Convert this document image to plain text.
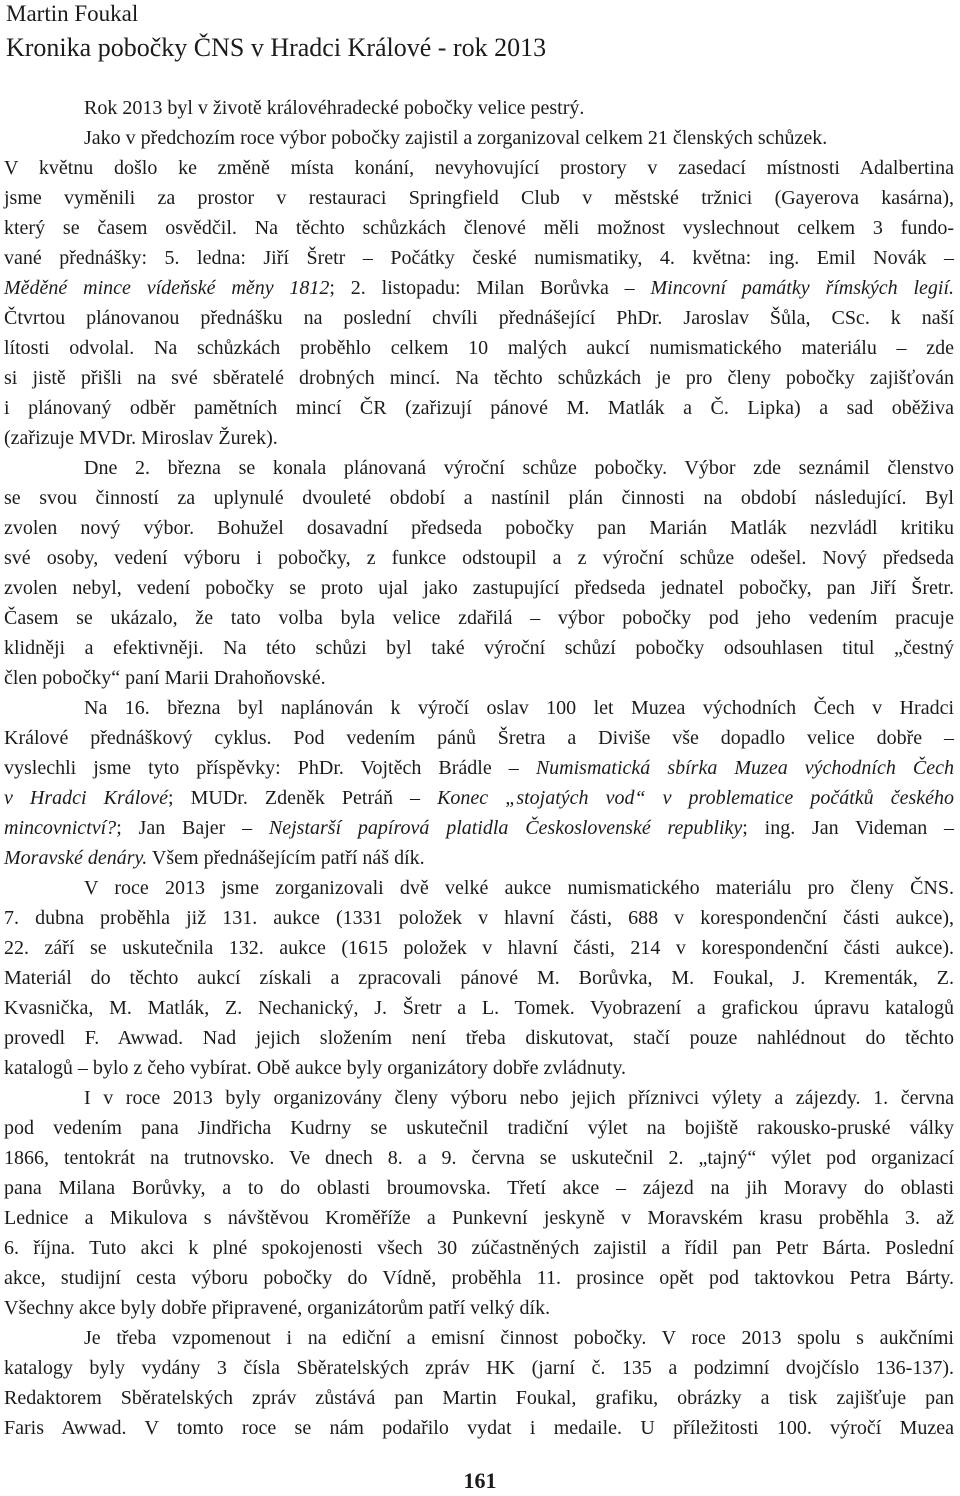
Martin Foukal
Kronika pobočky ČNS v Hradci Králové - rok 2013
Rok 2013 byl v životě královéhradecké pobočky velice pestrý.
Jako v předchozím roce výbor pobočky zajistil a zorganizoval celkem 21 členských schůzek.
V květnu došlo ke změně místa konání, nevyhovující prostory v zasedací místnosti Adalbertina
jsme vyměnili za prostor v restauraci Springfield Club v městské tržnici (Gayerova kasárna),
který se časem osvědčil. Na těchto schůzkách členové měli možnost vyslechnout celkem 3 fundo-
vané přednášky: 5. ledna: Jiří Šretr – Počátky české numismatiky, 4. května: ing. Emil Novák –
Měděné mince vídeňské měny 1812; 2. listopadu: Milan Borůvka – Mincovní památky římských legií.
Čtvrtou plánovanou přednášku na poslední chvíli přednášející PhDr. Jaroslav Šůla, CSc. k naší
lítosti odvolal. Na schůzkách proběhlo celkem 10 malých aukcí numismatického materiálu – zde
si jistě přišli na své sběratelé drobných mincí. Na těchto schůzkách je pro členy pobočky zajišťován
i plánovaný odběr pamětních mincí ČR (zařizují pánové M. Matlák a Č. Lipka) a sad oběživa
(zařizuje MVDr. Miroslav Žurek).
Dne 2. března se konala plánovaná výroční schůze pobočky. Výbor zde seznámil členstvo
se svou činností za uplynulé dvouleté období a nastínil plán činnosti na období následující. Byl
zvolen nový výbor. Bohužel dosavadní předseda pobočky pan Marián Matlák nezvládl kritiku
své osoby, vedení výboru i pobočky, z funkce odstoupil a z výroční schůze odešel. Nový předseda
zvolen nebyl, vedení pobočky se proto ujal jako zastupující předseda jednatel pobočky, pan Jiří Šretr.
Časem se ukázalo, že tato volba byla velice zdařilá – výbor pobočky pod jeho vedením pracuje
klidněji a efektivněji. Na této schůzi byl také výroční schůzí pobočky odsouhlasen titul „čestný
člen pobočky“ paní Marii Drahoňovské.
Na 16. března byl naplánován k výročí oslav 100 let Muzea východních Čech v Hradci
Králové přednáškový cyklus. Pod vedením pánů Šretra a Diviše vše dopadlo velice dobře –
vyslechli jsme tyto příspěvky: PhDr. Vojtěch Brádle – Numismatická sbírka Muzea východních Čech
v Hradci Králové; MUDr. Zdeněk Petráň – Konec „stojatých vod“ v problematice počátků českého
mincovnictví?; Jan Bajer – Nejstarší papírová platidla Československé republiky; ing. Jan Videman –
Moravské denáry. Všem přednášejícím patří náš dík.
V roce 2013 jsme zorganizovali dvě velké aukce numismatického materiálu pro členy ČNS.
7. dubna proběhla již 131. aukce (1331 položek v hlavní části, 688 v korespondenční části aukce),
22. září se uskutečnila 132. aukce (1615 položek v hlavní části, 214 v korespondenční části aukce).
Materiál do těchto aukcí získali a zpracovali pánové M. Borůvka, M. Foukal, J. Krementák, Z.
Kvasnička, M. Matlák, Z. Nechanický, J. Šretr a L. Tomek. Vyobrazení a grafickou úpravu katalogů
provedl F. Awwad. Nad jejich složením není třeba diskutovat, stačí pouze nahlédnout do těchto
katalogů – bylo z čeho vybírat. Obě aukce byly organizátory dobře zvládnuty.
I v roce 2013 byly organizovány členy výboru nebo jejich příznivci výlety a zájezdy. 1. června
pod vedením pana Jindřicha Kudrny se uskutečnil tradiční výlet na bojiště rakousko-pruské války
1866, tentokrát na trutnovsko. Ve dnech 8. a 9. června se uskutečnil 2. „tajný“ výlet pod organizací
pana Milana Borůvky, a to do oblasti broumovska. Třetí akce – zájezd na jih Moravy do oblasti
Lednice a Mikulova s návštěvou Kroměříže a Punkevní jeskyně v Moravském krasu proběhla 3. až
6. října. Tuto akci k plné spokojenosti všech 30 zúčastněných zajistil a řídil pan Petr Bárta. Poslední
akce, studijní cesta výboru pobočky do Vídně, proběhla 11. prosince opět pod taktovkou Petra Bárty.
Všechny akce byly dobře připravené, organizátorům patří velký dík.
Je třeba vzpomenout i na ediční a emisní činnost pobočky. V roce 2013 spolu s aukčními
katalogy byly vydány 3 čísla Sběratelských zpráv HK (jarní č. 135 a podzimní dvojčíslo 136-137).
Redaktorem Sběratelských zpráv zůstává pan Martin Foukal, grafiku, obrázky a tisk zajišťuje pan
Faris Awwad. V tomto roce se nám podařilo vydat i medaile. U příležitosti 100. výročí Muzea
161
